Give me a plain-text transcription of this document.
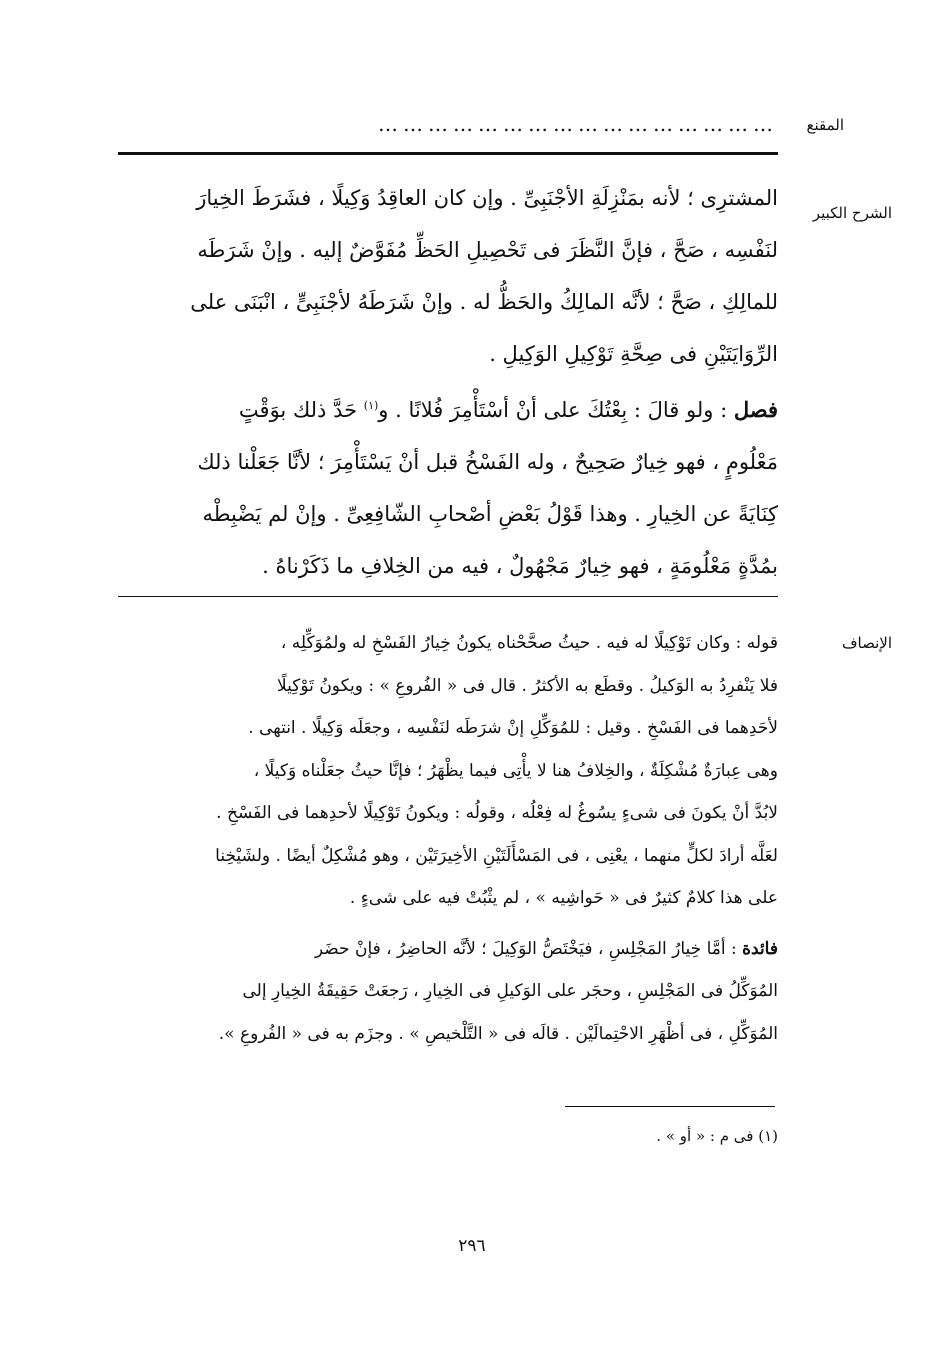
المقنع
…………………………………………
الشرح الكبير

المشترِى ؛ لأنه بمَنْزِلَةِ الأجْنَبِىِّ . وإن كان العاقِدُ وَكِيلًا ، فشَرَطَ الخِيارَ

لنَفْسِه ، صَحَّ ، فإنَّ النَّظَرَ فى تَحْصِيلِ الحَظِّ مُفَوَّضٌ إليه . وإنْ شَرَطَه

للمالِكِ ، صَحَّ ؛ لأنَّه المالِكُ والحَظُّ له . وإنْ شَرَطَهُ لأجْنَبِىٍّ ، انْبَنَى على

الرِّوَايَتَيْنِ فى صِحَّةِ تَوْكِيلِ الوَكِيلِ .

فصل : ولو قالَ : بِعْتُكَ على أنْ أسْتَأْمِرَ فُلانًا . و$^{(١)}$ حَدَّ ذلك بوَقْتٍ

مَعْلُومٍ ، فهو خِيارٌ صَحِيحٌ ، وله الفَسْخُ قبل أنْ يَسْتَأْمِرَ ؛ لأنَّا جَعَلْنا ذلك

كِنَايَةً عن الخِيارِ . وهذا قَوْلُ بَعْضِ أصْحابِ الشّافِعِىِّ . وإنْ لم يَضْبِطْه

بمُدَّةٍ مَعْلُومَةٍ ، فهو خِيارٌ مَجْهُولٌ ، فيه من الخِلافِ ما ذَكَرْناهُ .

الإنصاف

قوله : وكان تَوْكِيلًا له فيه . حيثُ صحَّحْناه يكونُ خِيارُ الفَسْخِ له ولمُوَكِّلِه ،

فلا يَنْفرِدُ به الوَكيلُ . وقطَع به الأكثرُ . قال فى « الفُروعِ » : ويكونُ تَوْكِيلًا

لأحَدِهما فى الفَسْخِ . وقيل : للمُوَكِّلِ إنْ شرَطَه لنَفْسِه ، وجعَلَه وَكِيلًا . انتهى .

وهى عِبارَةٌ مُشْكِلَةٌ ، والخِلافُ هنا لا يأْتِى فيما يظْهَرُ ؛ فإنَّا حيثُ جعَلْناه وَكيلًا ،

لابُدَّ أنْ يكونَ فى شىءٍ يسُوغُ له فِعْلُه ، وقولُه : ويكونُ تَوْكِيلًا لأحدِهما فى الفَسْخِ .

لعَلَّه أرادَ لكلٍّ منهما ، يعْنِى ، فى المَسْأَلَتَيْنِ الأخِيرَتَيْن ، وهو مُشْكِلٌ أيضًا . ولشَيْخِنا

على هذا كلامٌ كثيرٌ فى « حَواشِيه » ، لم يثْبُتْ فيه على شىءٍ .

فائدة : أمَّا خِيارُ المَجْلِسِ ، فيَخْتَصُّ الوَكِيلَ ؛ لأنَّه الحاضِرُ ، فإنْ حضَر

المُوَكِّلُ فى المَجْلِسِ ، وحجَر على الوَكيلِ فى الخِيارِ ، رَجعَتْ حَقِيقَةُ الخِيارِ إلى

المُوَكِّلِ ، فى أظْهَرِ الاحْتِمالَيْن . قالَه فى « التَّلْخيصِ » . وجزَم به فى « الفُروعِ ».

(١) فى م : « أو » .
٢٩٦
